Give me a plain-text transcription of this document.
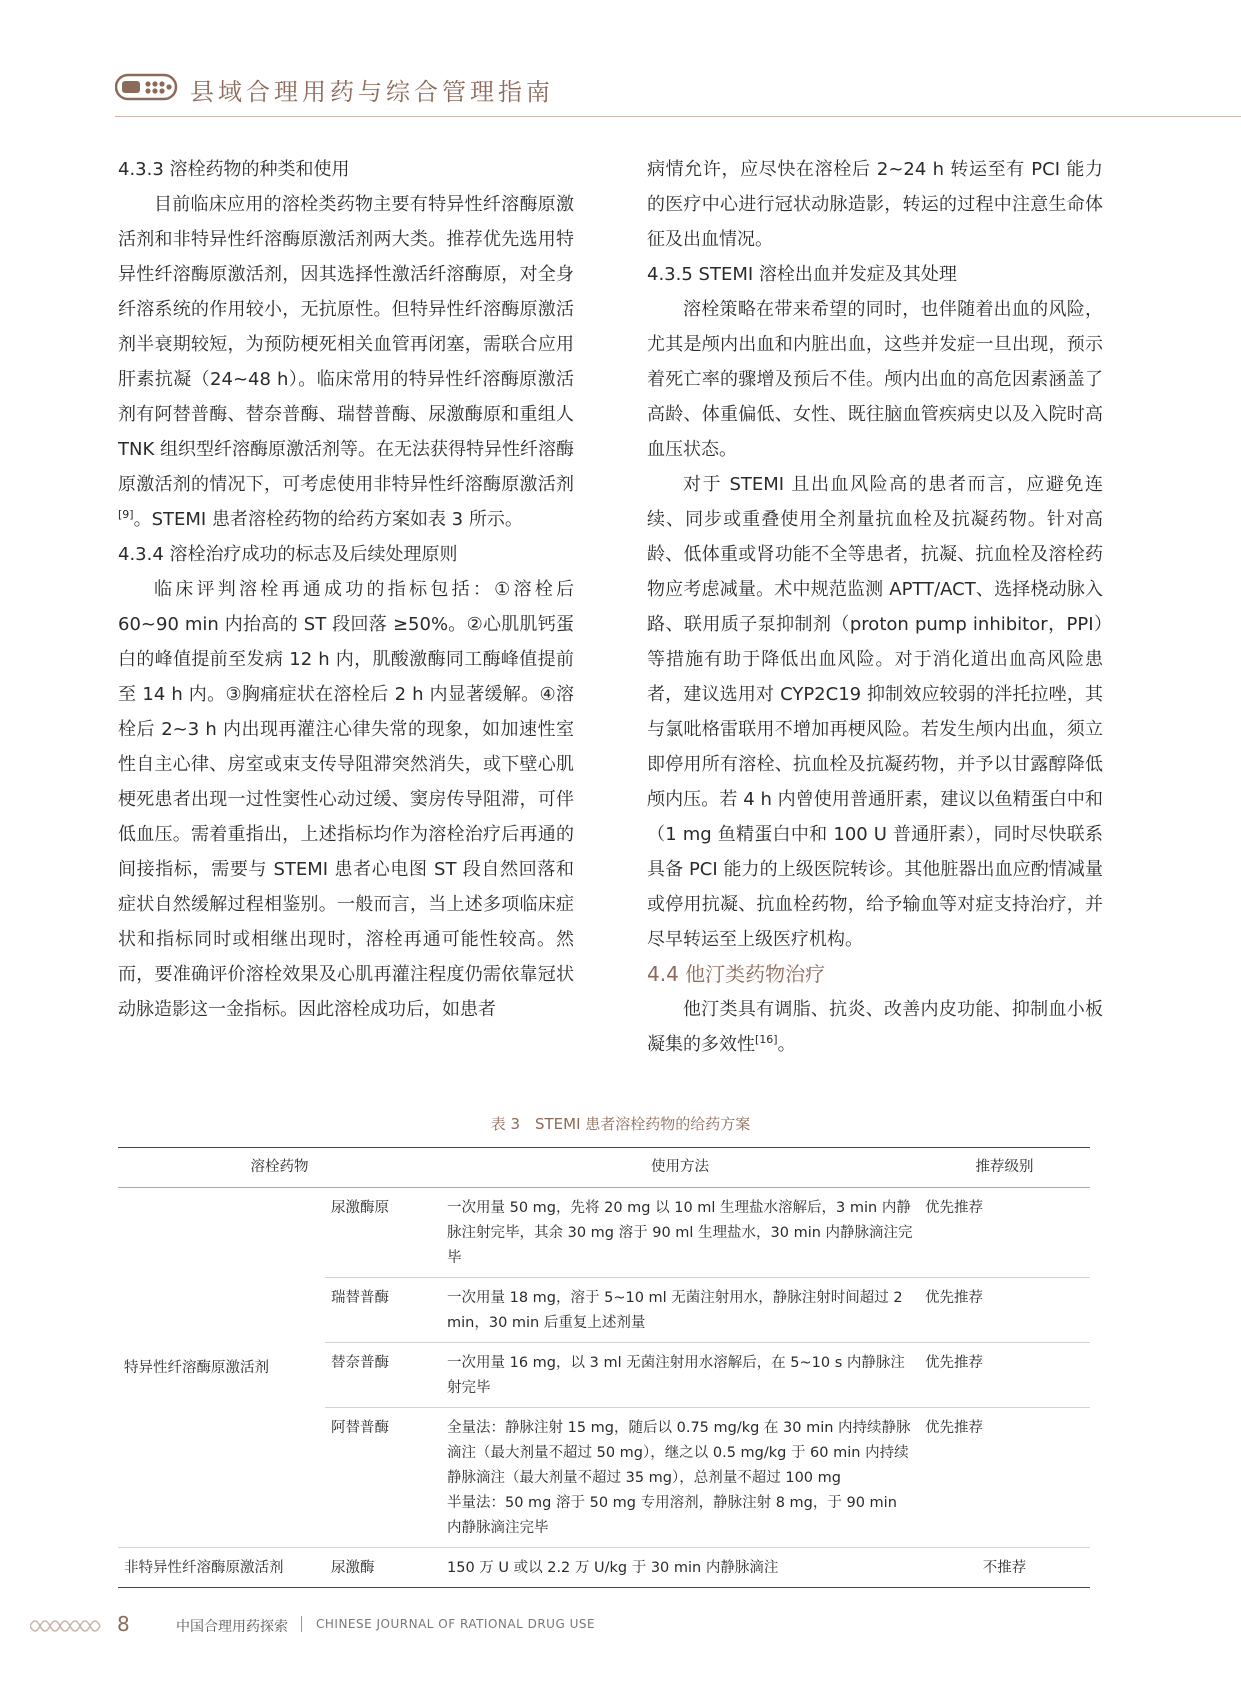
县域合理用药与综合管理指南

4.3.3 溶栓药物的种类和使用

目前临床应用的溶栓类药物主要有特异性纤溶酶原激活剂和非特异性纤溶酶原激活剂两大类。推荐优先选用特异性纤溶酶原激活剂，因其选择性激活纤溶酶原，对全身纤溶系统的作用较小，无抗原性。但特异性纤溶酶原激活剂半衰期较短，为预防梗死相关血管再闭塞，需联合应用肝素抗凝（24~48 h）。临床常用的特异性纤溶酶原激活剂有阿替普酶、替奈普酶、瑞替普酶、尿激酶原和重组人 TNK 组织型纤溶酶原激活剂等。在无法获得特异性纤溶酶原激活剂的情况下，可考虑使用非特异性纤溶酶原激活剂[9]。STEMI 患者溶栓药物的给药方案如表 3 所示。

4.3.4 溶栓治疗成功的标志及后续处理原则

临床评判溶栓再通成功的指标包括：①溶栓后 60~90 min 内抬高的 ST 段回落 ≥50%。②心肌肌钙蛋白的峰值提前至发病 12 h 内，肌酸激酶同工酶峰值提前至 14 h 内。③胸痛症状在溶栓后 2 h 内显著缓解。④溶栓后 2~3 h 内出现再灌注心律失常的现象，如加速性室性自主心律、房室或束支传导阻滞突然消失，或下壁心肌梗死患者出现一过性窦性心动过缓、窦房传导阻滞，可伴低血压。需着重指出，上述指标均作为溶栓治疗后再通的间接指标，需要与 STEMI 患者心电图 ST 段自然回落和症状自然缓解过程相鉴别。一般而言，当上述多项临床症状和指标同时或相继出现时，溶栓再通可能性较高。然而，要准确评价溶栓效果及心肌再灌注程度仍需依靠冠状动脉造影这一金指标。因此溶栓成功后，如患者

病情允许，应尽快在溶栓后 2~24 h 转运至有 PCI 能力的医疗中心进行冠状动脉造影，转运的过程中注意生命体征及出血情况。

4.3.5 STEMI 溶栓出血并发症及其处理

溶栓策略在带来希望的同时，也伴随着出血的风险，尤其是颅内出血和内脏出血，这些并发症一旦出现，预示着死亡率的骤增及预后不佳。颅内出血的高危因素涵盖了高龄、体重偏低、女性、既往脑血管疾病史以及入院时高血压状态。

对于 STEMI 且出血风险高的患者而言，应避免连续、同步或重叠使用全剂量抗血栓及抗凝药物。针对高龄、低体重或肾功能不全等患者，抗凝、抗血栓及溶栓药物应考虑减量。术中规范监测 APTT/ACT、选择桡动脉入路、联用质子泵抑制剂（proton pump inhibitor，PPI）等措施有助于降低出血风险。对于消化道出血高风险患者，建议选用对 CYP2C19 抑制效应较弱的泮托拉唑，其与氯吡格雷联用不增加再梗风险。若发生颅内出血，须立即停用所有溶栓、抗血栓及抗凝药物，并予以甘露醇降低颅内压。若 4 h 内曾使用普通肝素，建议以鱼精蛋白中和（1 mg 鱼精蛋白中和 100 U 普通肝素），同时尽快联系具备 PCI 能力的上级医院转诊。其他脏器出血应酌情减量或停用抗凝、抗血栓药物，给予输血等对症支持治疗，并尽早转运至上级医疗机构。

4.4 他汀类药物治疗

他汀类具有调脂、抗炎、改善内皮功能、抑制血小板凝集的多效性[16]。

表 3　STEMI 患者溶栓药物的给药方案
溶栓药物		使用方法	推荐级别
特异性纤溶酶原激活剂	尿激酶原	一次用量 50 mg，先将 20 mg 以 10 ml 生理盐水溶解后，3 min 内静脉注射完毕，其余 30 mg 溶于 90 ml 生理盐水，30 min 内静脉滴注完毕	优先推荐
	瑞替普酶	一次用量 18 mg，溶于 5~10 ml 无菌注射用水，静脉注射时间超过 2 min，30 min 后重复上述剂量	优先推荐
	替奈普酶	一次用量 16 mg，以 3 ml 无菌注射用水溶解后，在 5~10 s 内静脉注射完毕	优先推荐
	阿替普酶	全量法：静脉注射 15 mg，随后以 0.75 mg/kg 在 30 min 内持续静脉滴注（最大剂量不超过 50 mg），继之以 0.5 mg/kg 于 60 min 内持续静脉滴注（最大剂量不超过 35 mg），总剂量不超过 100 mg
半量法：50 mg 溶于 50 mg 专用溶剂，静脉注射 8 mg，于 90 min 内静脉滴注完毕	优先推荐
非特异性纤溶酶原激活剂	尿激酶	150 万 U 或以 2.2 万 U/kg 于 30 min 内静脉滴注	不推荐
8	中国合理用药探索 CHINESE JOURNAL OF RATIONAL DRUG USE
